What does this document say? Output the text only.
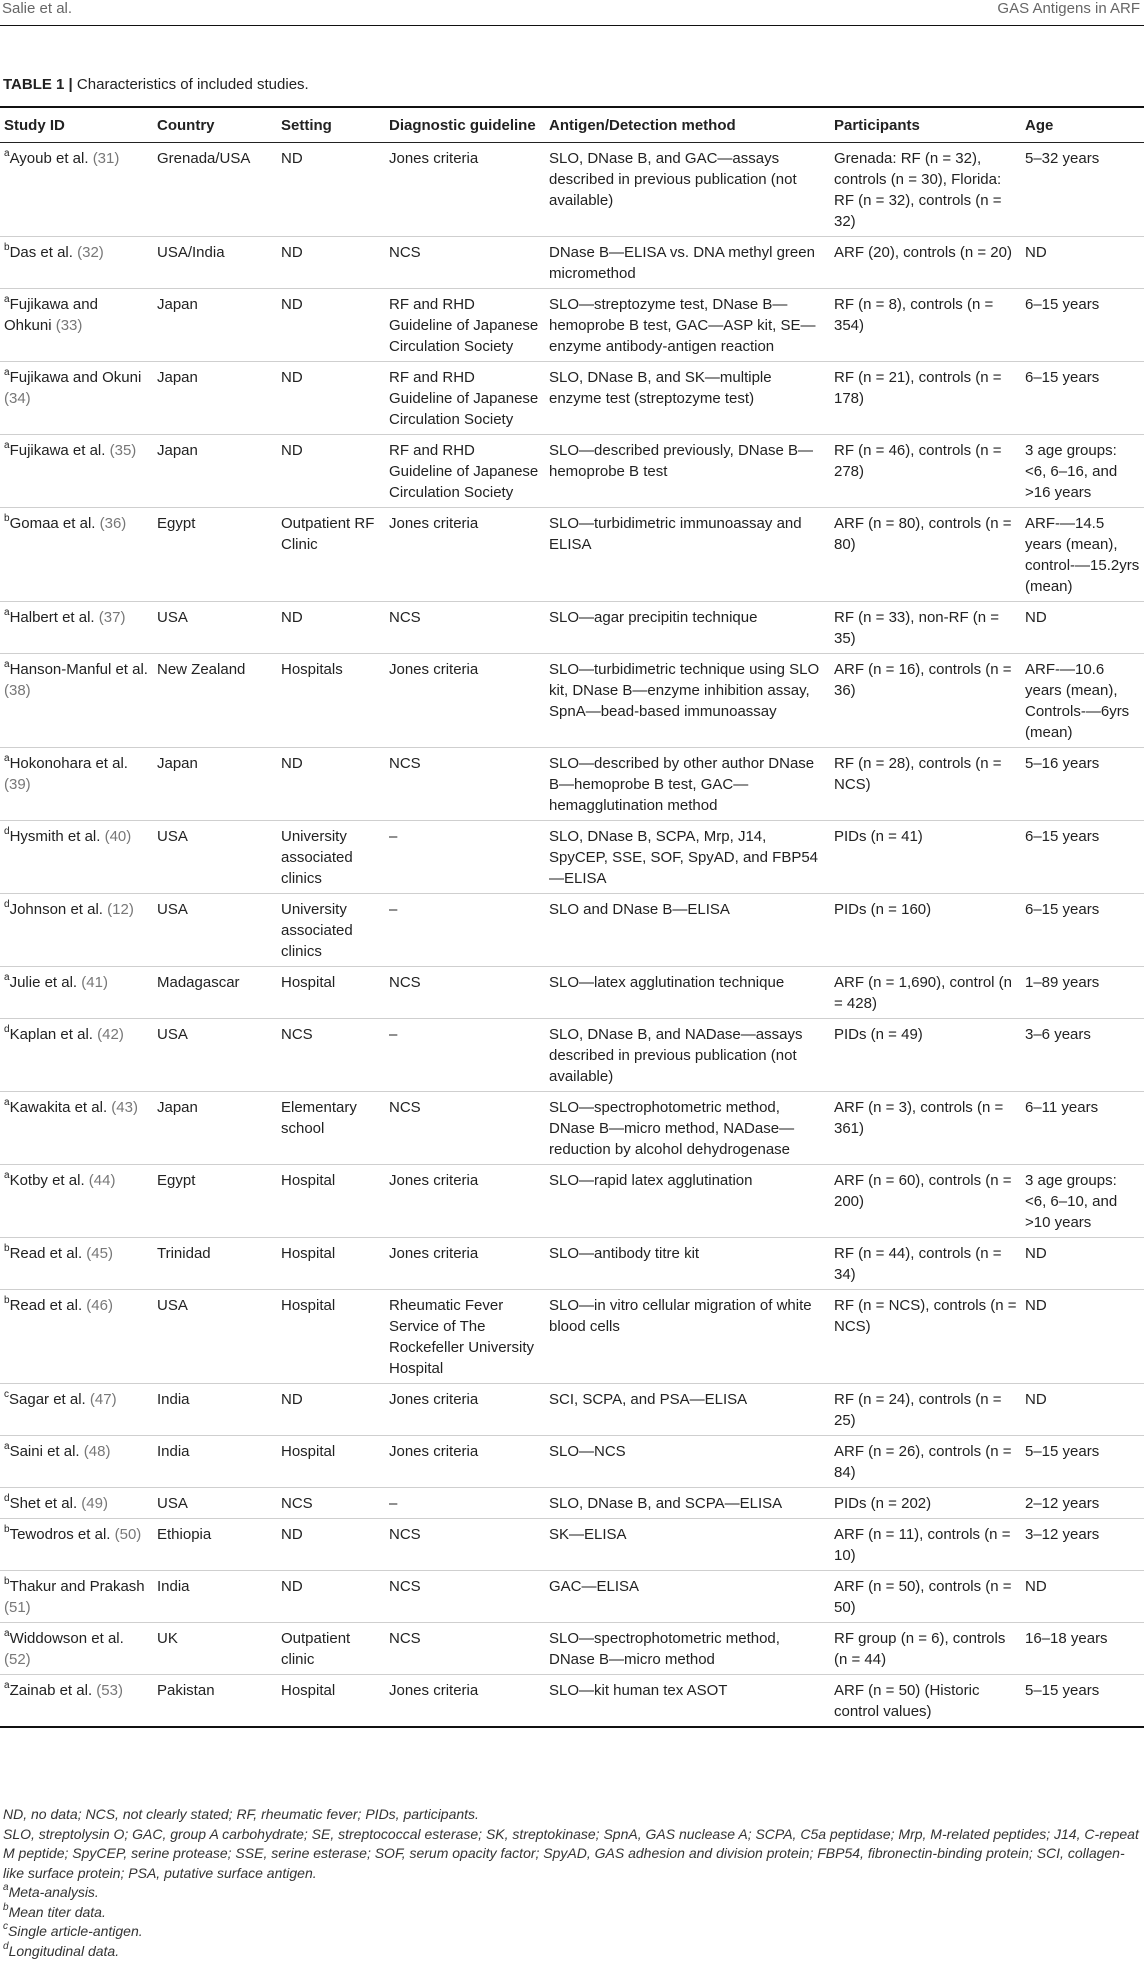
Salie et al.	GAS Antigens in ARF
TABLE 1 | Characteristics of included studies.
Study ID	Country	Setting	Diagnostic guideline	Antigen/Detection method	Participants	Age
$^a$Ayoub et al. (31)	Grenada/USA	ND	Jones criteria	SLO, DNase B, and GAC—assays described in previous publication (not available)	Grenada: RF (n = 32), controls (n = 30), Florida: RF (n = 32), controls (n = 32)	5–32 years
$^b$Das et al. (32)	USA/India	ND	NCS	DNase B—ELISA vs. DNA methyl green micromethod	ARF (20), controls (n = 20)	ND
$^a$Fujikawa and Ohkuni (33)	Japan	ND	RF and RHD Guideline of Japanese Circulation Society	SLO—streptozyme test, DNase B—hemoprobe B test, GAC—ASP kit, SE—enzyme antibody-antigen reaction	RF (n = 8), controls (n = 354)	6–15 years
$^a$Fujikawa and Okuni (34)	Japan	ND	RF and RHD Guideline of Japanese Circulation Society	SLO, DNase B, and SK—multiple enzyme test (streptozyme test)	RF (n = 21), controls (n = 178)	6–15 years
$^a$Fujikawa et al. (35)	Japan	ND	RF and RHD Guideline of Japanese Circulation Society	SLO—described previously, DNase B—hemoprobe B test	RF (n = 46), controls (n = 278)	3 age groups: <6, 6–16, and >16 years
$^b$Gomaa et al. (36)	Egypt	Outpatient RF Clinic	Jones criteria	SLO—turbidimetric immunoassay and ELISA	ARF (n = 80), controls (n = 80)	ARF-—14.5 years (mean), control-—15.2yrs (mean)
$^a$Halbert et al. (37)	USA	ND	NCS	SLO—agar precipitin technique	RF (n = 33), non-RF (n = 35)	ND
$^a$Hanson-Manful et al. (38)	New Zealand	Hospitals	Jones criteria	SLO—turbidimetric technique using SLO kit, DNase B—enzyme inhibition assay, SpnA—bead-based immunoassay	ARF (n = 16), controls (n = 36)	ARF-—10.6 years (mean), Controls-—6yrs (mean)
$^a$Hokonohara et al. (39)	Japan	ND	NCS	SLO—described by other author DNase B—hemoprobe B test, GAC— hemagglutination method	RF (n = 28), controls (n = NCS)	5–16 years
$^d$Hysmith et al. (40)	USA	University associated clinics	–	SLO, DNase B, SCPA, Mrp, J14, SpyCEP, SSE, SOF, SpyAD, and FBP54—ELISA	PIDs (n = 41)	6–15 years
$^d$Johnson et al. (12)	USA	University associated clinics	–	SLO and DNase B—ELISA	PIDs (n = 160)	6–15 years
$^a$Julie et al. (41)	Madagascar	Hospital	NCS	SLO—latex agglutination technique	ARF (n = 1,690), control (n = 428)	1–89 years
$^d$Kaplan et al. (42)	USA	NCS	–	SLO, DNase B, and NADase—assays described in previous publication (not available)	PIDs (n = 49)	3–6 years
$^a$Kawakita et al. (43)	Japan	Elementary school	NCS	SLO—spectrophotometric method, DNase B—micro method, NADase—reduction by alcohol dehydrogenase	ARF (n = 3), controls (n = 361)	6–11 years
$^a$Kotby et al. (44)	Egypt	Hospital	Jones criteria	SLO—rapid latex agglutination	ARF (n = 60), controls (n = 200)	3 age groups: <6, 6–10, and >10 years
$^b$Read et al. (45)	Trinidad	Hospital	Jones criteria	SLO—antibody titre kit	RF (n = 44), controls (n = 34)	ND
$^b$Read et al. (46)	USA	Hospital	Rheumatic Fever Service of The Rockefeller University Hospital	SLO—in vitro cellular migration of white blood cells	RF (n = NCS), controls (n = NCS)	ND
$^c$Sagar et al. (47)	India	ND	Jones criteria	SCI, SCPA, and PSA—ELISA	RF (n = 24), controls (n = 25)	ND
$^a$Saini et al. (48)	India	Hospital	Jones criteria	SLO—NCS	ARF (n = 26), controls (n = 84)	5–15 years
$^d$Shet et al. (49)	USA	NCS	–	SLO, DNase B, and SCPA—ELISA	PIDs (n = 202)	2–12 years
$^b$Tewodros et al. (50)	Ethiopia	ND	NCS	SK—ELISA	ARF (n = 11), controls (n = 10)	3–12 years
$^b$Thakur and Prakash (51)	India	ND	NCS	GAC—ELISA	ARF (n = 50), controls (n = 50)	ND
$^a$Widdowson et al. (52)	UK	Outpatient clinic	NCS	SLO—spectrophotometric method, DNase B—micro method	RF group (n = 6), controls (n = 44)	16–18 years
$^a$Zainab et al. (53)	Pakistan	Hospital	Jones criteria	SLO—kit human tex ASOT	ARF (n = 50) (Historic control values)	5–15 years

ND, no data; NCS, not clearly stated; RF, rheumatic fever; PIDs, participants.

SLO, streptolysin O; GAC, group A carbohydrate; SE, streptococcal esterase; SK, streptokinase; SpnA, GAS nuclease A; SCPA, C5a peptidase; Mrp, M-related peptides; J14, C-repeat M peptide; SpyCEP, serine protease; SSE, serine esterase; SOF, serum opacity factor; SpyAD, GAS adhesion and division protein; FBP54, fibronectin-binding protein; SCI, collagen-like surface protein; PSA, putative surface antigen.

$^a$Meta-analysis.

$^b$Mean titer data.

$^c$Single article-antigen.

$^d$Longitudinal data.
